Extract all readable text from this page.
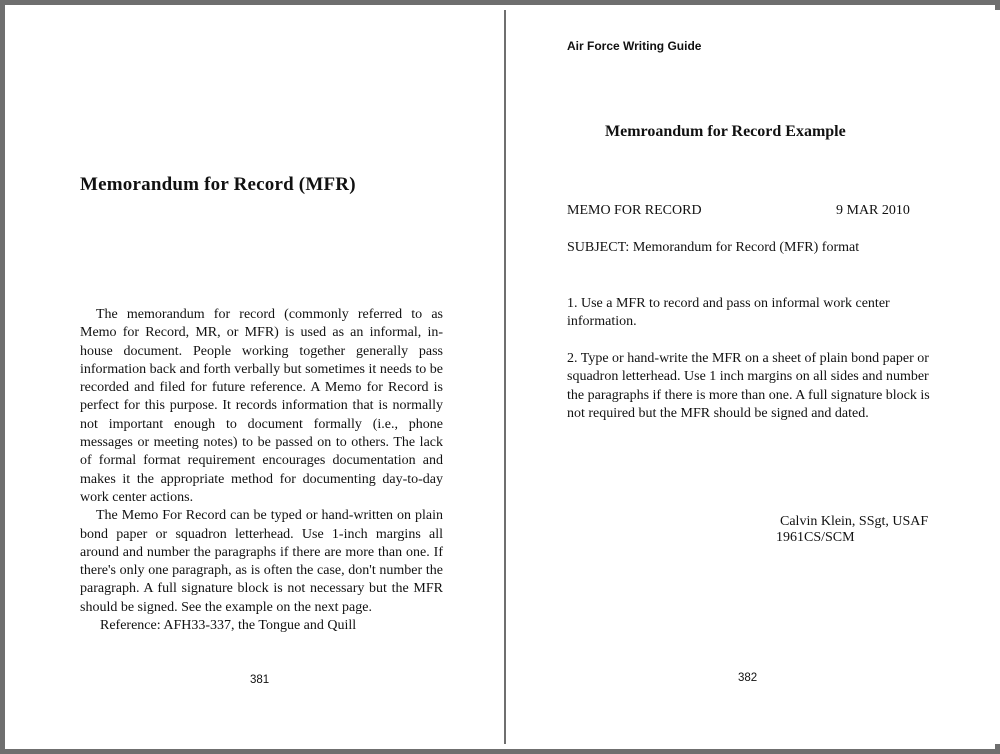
Memorandum for Record (MFR)

The memorandum for record (commonly referred to as Memo for Record, MR, or MFR) is used as an informal, in-house document. People working together generally pass information back and forth verbally but sometimes it needs to be recorded and filed for future reference. A Memo for Record is perfect for this purpose. It records information that is normally not important enough to document formally (i.e., phone messages or meeting notes) to be passed on to others. The lack of formal format requirement encourages documentation and makes it the appropriate method for documenting day-to-day work center actions.

The Memo For Record can be typed or hand-written on plain bond paper or squadron letterhead. Use 1-inch margins all around and number the paragraphs if there are more than one. If there's only one paragraph, as is often the case, don't number the paragraph. A full signature block is not necessary but the MFR should be signed. See the example on the next page.

Reference: AFH33-337, the Tongue and Quill

381
Air Force Writing Guide
Memroandum for Record Example
MEMO FOR RECORD	9 MAR 2010
SUBJECT: Memorandum for Record (MFR) format
1. Use a MFR to record and pass on informal work center information.
2. Type or hand-write the MFR on a sheet of plain bond paper or squadron letterhead. Use 1 inch margins on all sides and number the paragraphs if there is more than one. A full signature block is not required but the MFR should be signed and dated.
Calvin Klein, SSgt, USAF
1961CS/SCM
382
